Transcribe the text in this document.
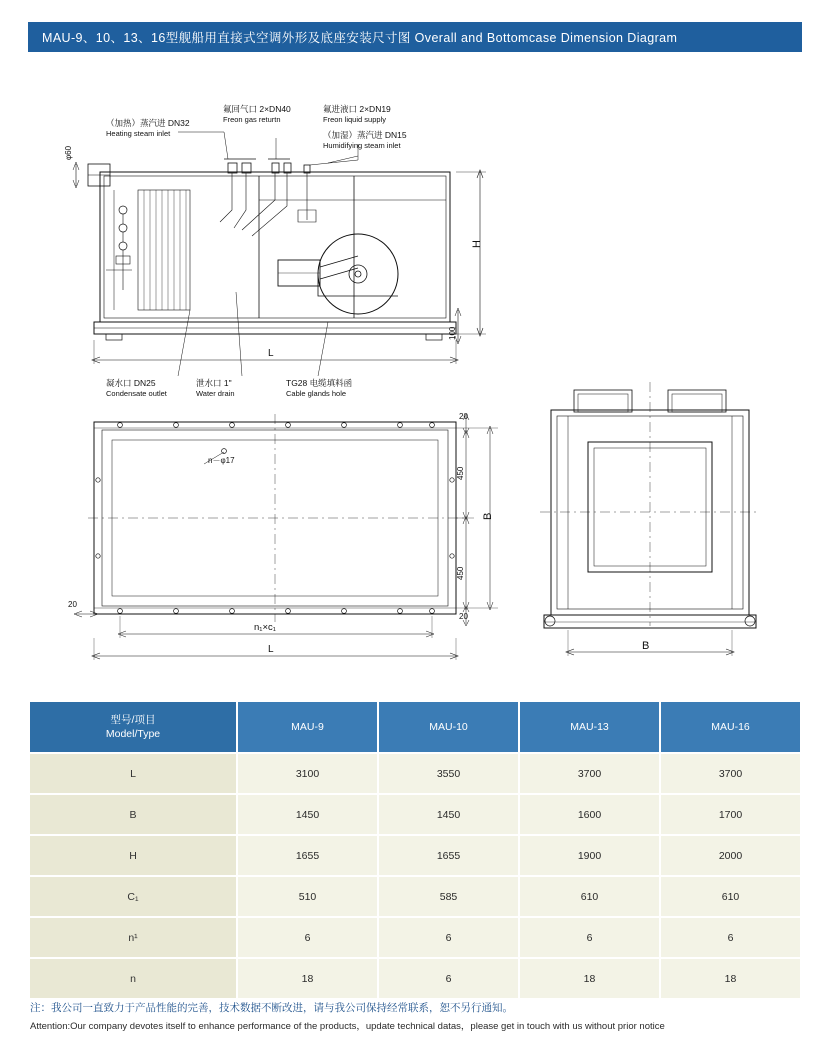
MAU-9、10、13、16型舰船用直接式空调外形及底座安装尺寸图 Overall and Bottomcase Dimension Diagram
（加热）蒸汽进 DN32
Heating steam inlet
氟回气口 2×DN40
Freon gas returtn
氟进液口 2×DN19
Freon liquid supply
（加湿）蒸汽进 DN15
Humidifying steam inlet
凝水口 DN25
Condensate outlet
泄水口 1"
Water drain
TG28 电缆填料函
Cable glands hole
φ60
H
100
L
n－φ17
20
450
B
450
20
20
n₁×c₁
L	B
型号/项目
Model/Type	MAU-9	MAU-10	MAU-13	MAU-16
L	3100	3550	3700	3700
B	1450	1450	1600	1700
H	1655	1655	1900	2000
C₁	510	585	610	610
n¹	6	6	6	6
n	18	6	18	18
注：我公司一直致力于产品性能的完善，技术数据不断改进，请与我公司保持经常联系，恕不另行通知。
Attention:Our company devotes itself to enhance performance of the products，update technical datas，please get in touch with us without prior notice
